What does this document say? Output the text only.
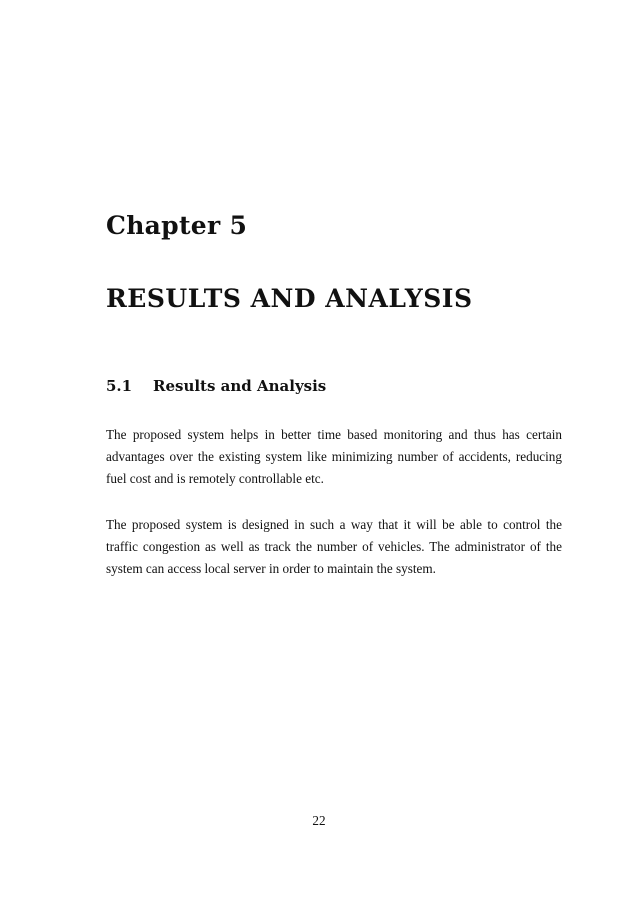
Chapter 5
RESULTS AND ANALYSIS
5.1 Results and Analysis

The proposed system helps in better time based monitoring and thus has certain advantages over the existing system like minimizing number of accidents, reducing fuel cost and is remotely controllable etc.

The proposed system is designed in such a way that it will be able to control the traffic congestion as well as track the number of vehicles. The administrator of the system can access local server in order to maintain the system.

22
